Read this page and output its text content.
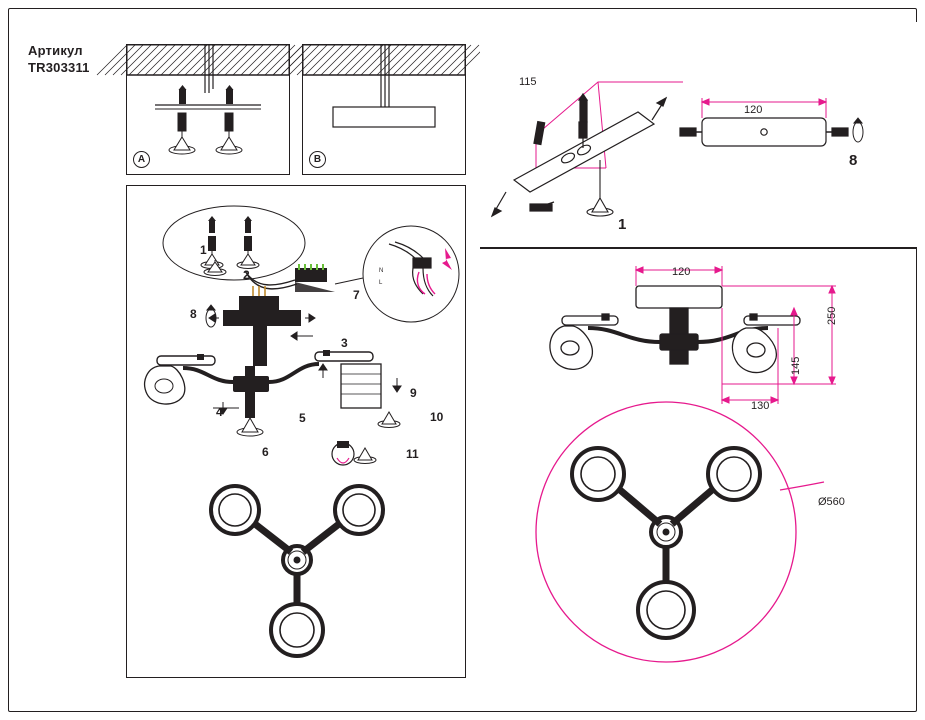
Артикул
TR303311
A	B
N
L
1
2
3
4	5
6
7
8
9
10
11
115
1
120
8
120
250
145
130
Ø560
